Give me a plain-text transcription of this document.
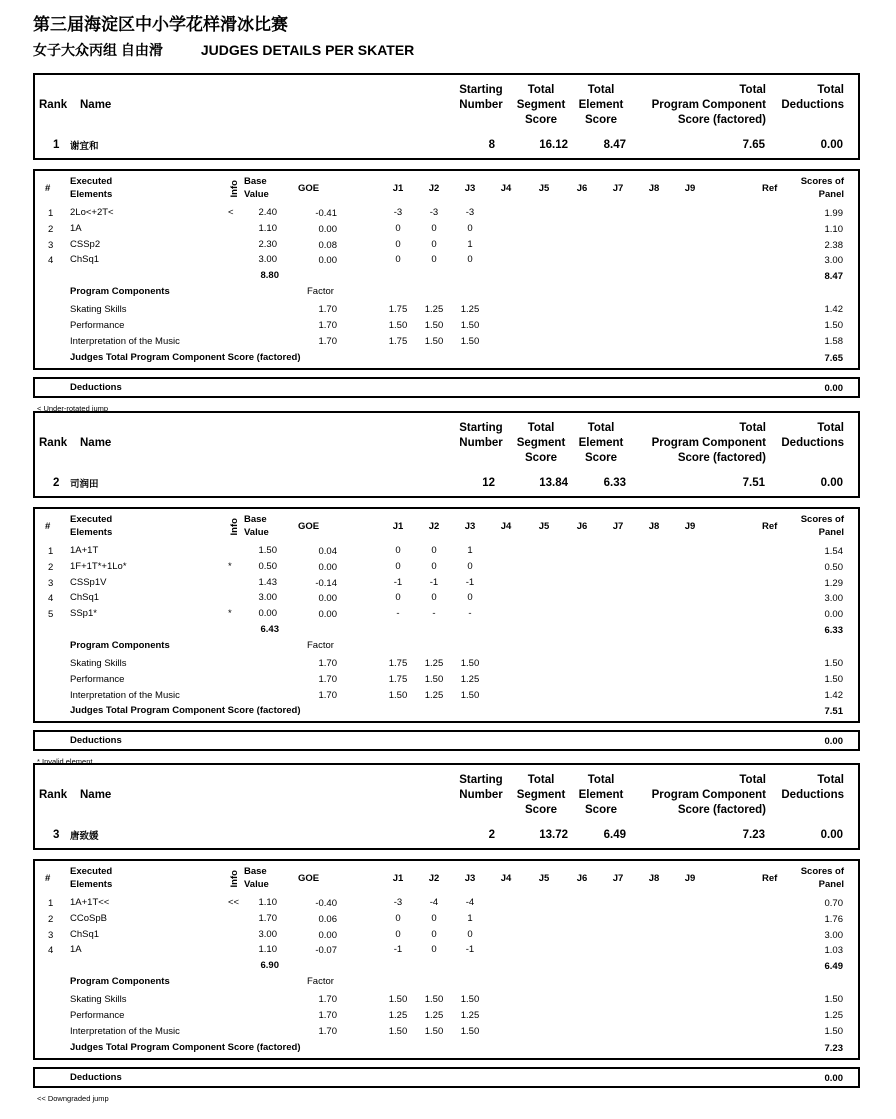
第三届海淀区中小学花样滑冰比赛
女子大众丙组 自由滑	JUDGES DETAILS PER SKATER
Rank Name
Starting
Number
Total
Segment
Score
Total
Element
Score
Total
Program Component
Score (factored)
Total
Deductions
1 谢宜和	8	16.12	8.47	7.65	0.00
#
Executed
Elements	Info Base
Value
GOE	J1	J2	J3	J4	J5	J6	J7	J8	J9	Ref
Scores of
Panel
1 2Lo<+2T<	<	2.40	-0.41	-3	-3	-3	1.99
2 1A	1.10	0.00	0	0	0	1.10
3 CSSp2	2.30	0.08	0	0	1	2.38
4 ChSq1	3.00	0.00	0	0	0	3.00
8.80	8.47
Program Components	Factor
Skating Skills	1.70	1.75	1.25	1.25	1.42
Performance	1.70	1.50	1.50	1.50	1.50
Interpretation of the Music	1.70	1.75	1.50	1.50	1.58
Judges Total Program Component Score (factored)	7.65
Deductions	0.00
< Under-rotated jump
Rank Name
Starting
Number
Total
Segment
Score
Total
Element
Score
Total
Program Component
Score (factored)
Total
Deductions
2 司润田	12	13.84	6.33	7.51	0.00
#
Executed
Elements	Info Base
Value
GOE	J1	J2	J3	J4	J5	J6	J7	J8	J9	Ref
Scores of
Panel
1 1A+1T	1.50	0.04	0	0	1	1.54
2 1F+1T*+1Lo*	*	0.50	0.00	0	0	0	0.50
3 CSSp1V	1.43	-0.14	-1	-1	-1	1.29
4 ChSq1	3.00	0.00	0	0	0	3.00
5 SSp1*	*	0.00	0.00	-	-	-	0.00
6.43	6.33
Program Components	Factor
Skating Skills	1.70	1.75	1.25	1.50	1.50
Performance	1.70	1.75	1.50	1.25	1.50
Interpretation of the Music	1.70	1.50	1.25	1.50	1.42
Judges Total Program Component Score (factored)	7.51
Deductions	0.00
* Invalid element
Rank Name
Starting
Number
Total
Segment
Score
Total
Element
Score
Total
Program Component
Score (factored)
Total
Deductions
3 唐致媛	2	13.72	6.49	7.23	0.00
#
Executed
Elements	Info Base
Value
GOE	J1	J2	J3	J4	J5	J6	J7	J8	J9	Ref
Scores of
Panel
1 1A+1T<<	<<	1.10	-0.40	-3	-4	-4	0.70
2 CCoSpB	1.70	0.06	0	0	1	1.76
3 ChSq1	3.00	0.00	0	0	0	3.00
4 1A	1.10	-0.07	-1	0	-1	1.03
6.90	6.49
Program Components	Factor
Skating Skills	1.70	1.50	1.50	1.50	1.50
Performance	1.70	1.25	1.25	1.25	1.25
Interpretation of the Music	1.70	1.50	1.50	1.50	1.50
Judges Total Program Component Score (factored)	7.23
Deductions	0.00
<< Downgraded jump
